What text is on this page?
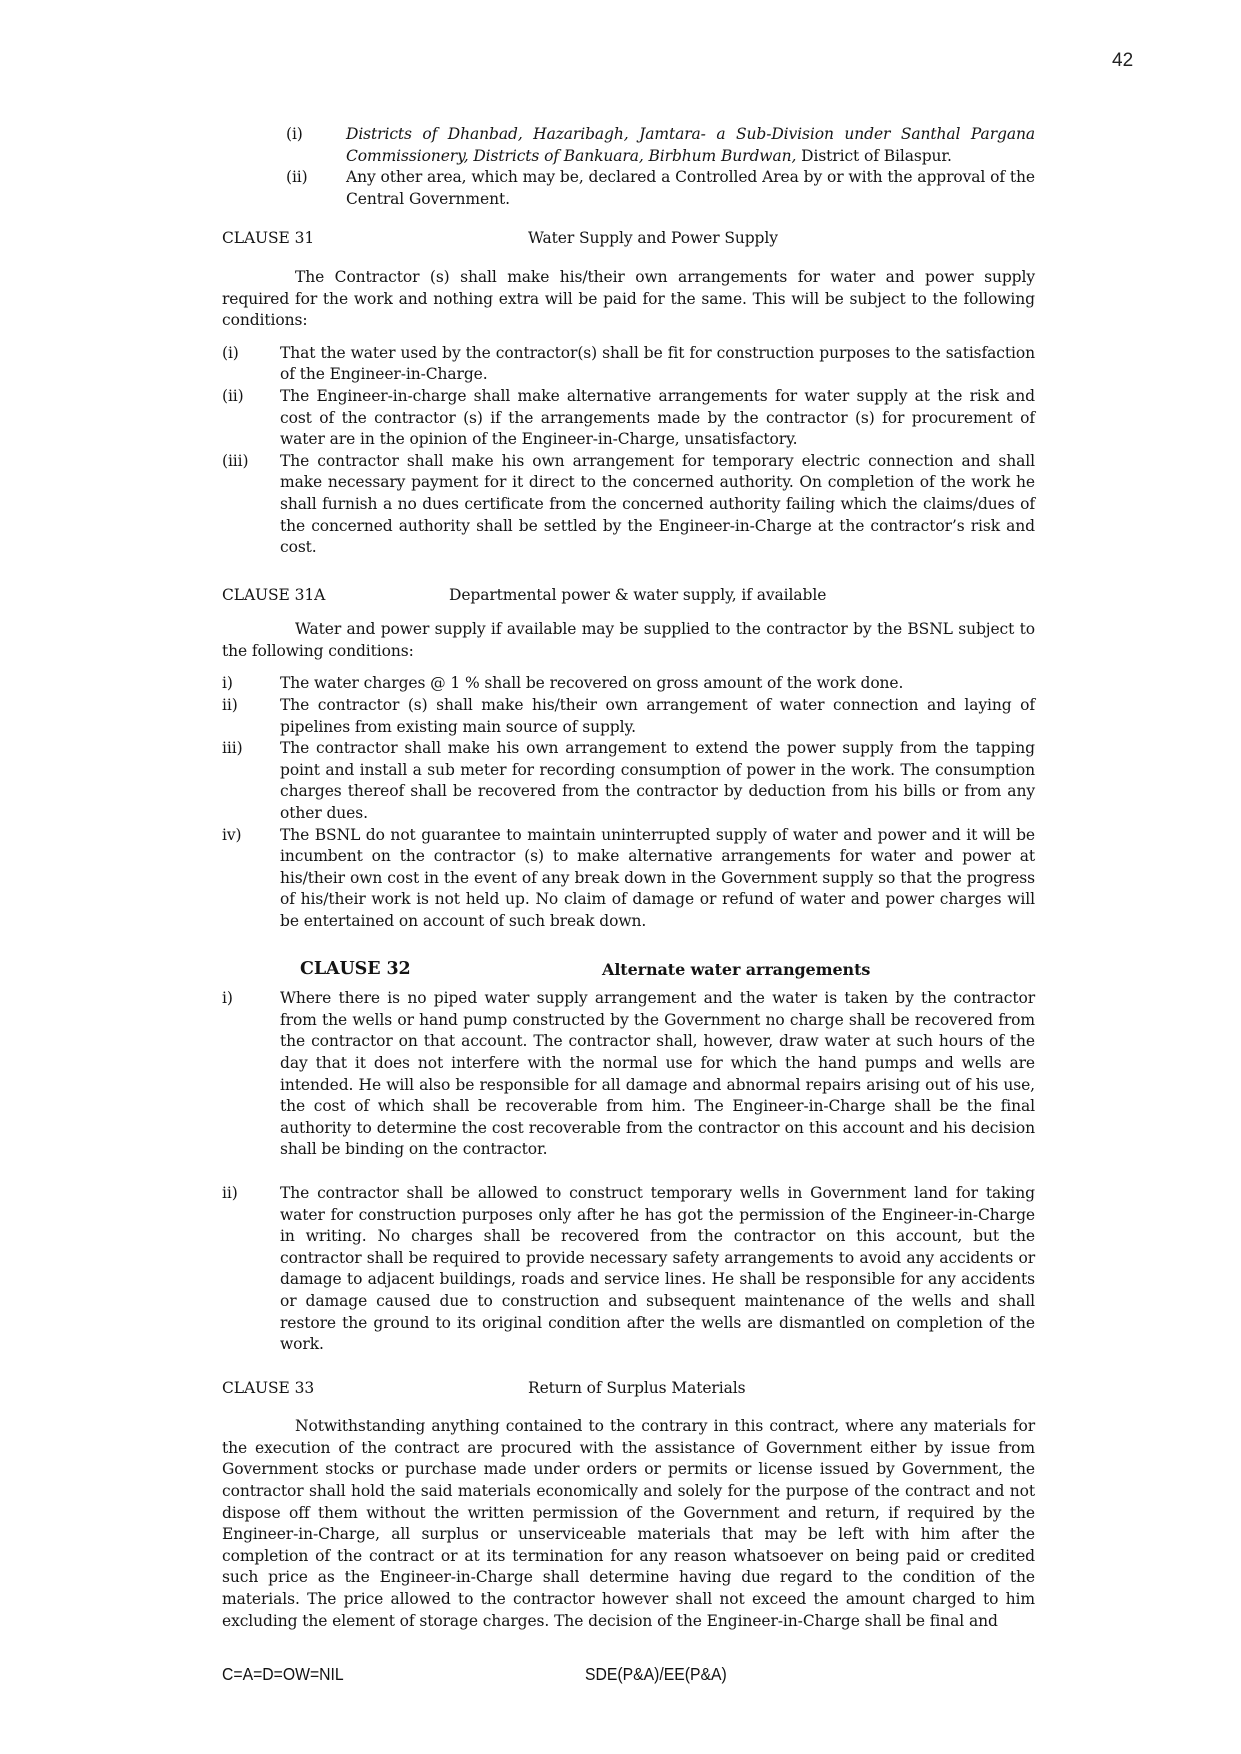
42
(i)	Districts of Dhanbad, Hazaribagh, Jamtara- a Sub-Division under Santhal Pargana Commissionery, Districts of Bankuara, Birbhum Burdwan, District of Bilaspur.
(ii)	Any other area, which may be, declared a Controlled Area by or with the approval of the Central Government.
CLAUSE 31	Water Supply and Power Supply
The Contractor (s) shall make his/their own arrangements for water and power supply required for the work and nothing extra will be paid for the same. This will be subject to the following conditions:
(i)	That the water used by the contractor(s) shall be fit for construction purposes to the satisfaction of the Engineer-in-Charge.
(ii)	The Engineer-in-charge shall make alternative arrangements for water supply at the risk and cost of the contractor (s) if the arrangements made by the contractor (s) for procurement of water are in the opinion of the Engineer-in-Charge, unsatisfactory.
(iii)	The contractor shall make his own arrangement for temporary electric connection and shall make necessary payment for it direct to the concerned authority. On completion of the work he shall furnish a no dues certificate from the concerned authority failing which the claims/dues of the concerned authority shall be settled by the Engineer-in-Charge at the contractor’s risk and cost.
CLAUSE 31A	Departmental power & water supply, if available
Water and power supply if available may be supplied to the contractor by the BSNL subject to the following conditions:
i)	The water charges @ 1 % shall be recovered on gross amount of the work done.
ii)	The contractor (s) shall make his/their own arrangement of water connection and laying of pipelines from existing main source of supply.
iii)	The contractor shall make his own arrangement to extend the power supply from the tapping point and install a sub meter for recording consumption of power in the work. The consumption charges thereof shall be recovered from the contractor by deduction from his bills or from any other dues.
iv)	The BSNL do not guarantee to maintain uninterrupted supply of water and power and it will be incumbent on the contractor (s) to make alternative arrangements for water and power at his/their own cost in the event of any break down in the Government supply so that the progress of his/their work is not held up. No claim of damage or refund of water and power charges will be entertained on account of such break down.
CLAUSE 32	Alternate water arrangements
i)	Where there is no piped water supply arrangement and the water is taken by the contractor from the wells or hand pump constructed by the Government no charge shall be recovered from the contractor on that account. The contractor shall, however, draw water at such hours of the day that it does not interfere with the normal use for which the hand pumps and wells are intended. He will also be responsible for all damage and abnormal repairs arising out of his use, the cost of which shall be recoverable from him. The Engineer-in-Charge shall be the final authority to determine the cost recoverable from the contractor on this account and his decision shall be binding on the contractor.
ii)	The contractor shall be allowed to construct temporary wells in Government land for taking water for construction purposes only after he has got the permission of the Engineer-in-Charge in writing. No charges shall be recovered from the contractor on this account, but the contractor shall be required to provide necessary safety arrangements to avoid any accidents or damage to adjacent buildings, roads and service lines. He shall be responsible for any accidents or damage caused due to construction and subsequent maintenance of the wells and shall restore the ground to its original condition after the wells are dismantled on completion of the work.
CLAUSE 33	Return of Surplus Materials
Notwithstanding anything contained to the contrary in this contract, where any materials for the execution of the contract are procured with the assistance of Government either by issue from Government stocks or purchase made under orders or permits or license issued by Government, the contractor shall hold the said materials economically and solely for the purpose of the contract and not dispose off them without the written permission of the Government and return, if required by the Engineer-in-Charge, all surplus or unserviceable materials that may be left with him after the completion of the contract or at its termination for any reason whatsoever on being paid or credited such price as the Engineer-in-Charge shall determine having due regard to the condition of the materials. The price allowed to the contractor however shall not exceed the amount charged to him excluding the element of storage charges. The decision of the Engineer-in-Charge shall be final and
C=A=D=OW=NIL	SDE(P&A)/EE(P&A)
